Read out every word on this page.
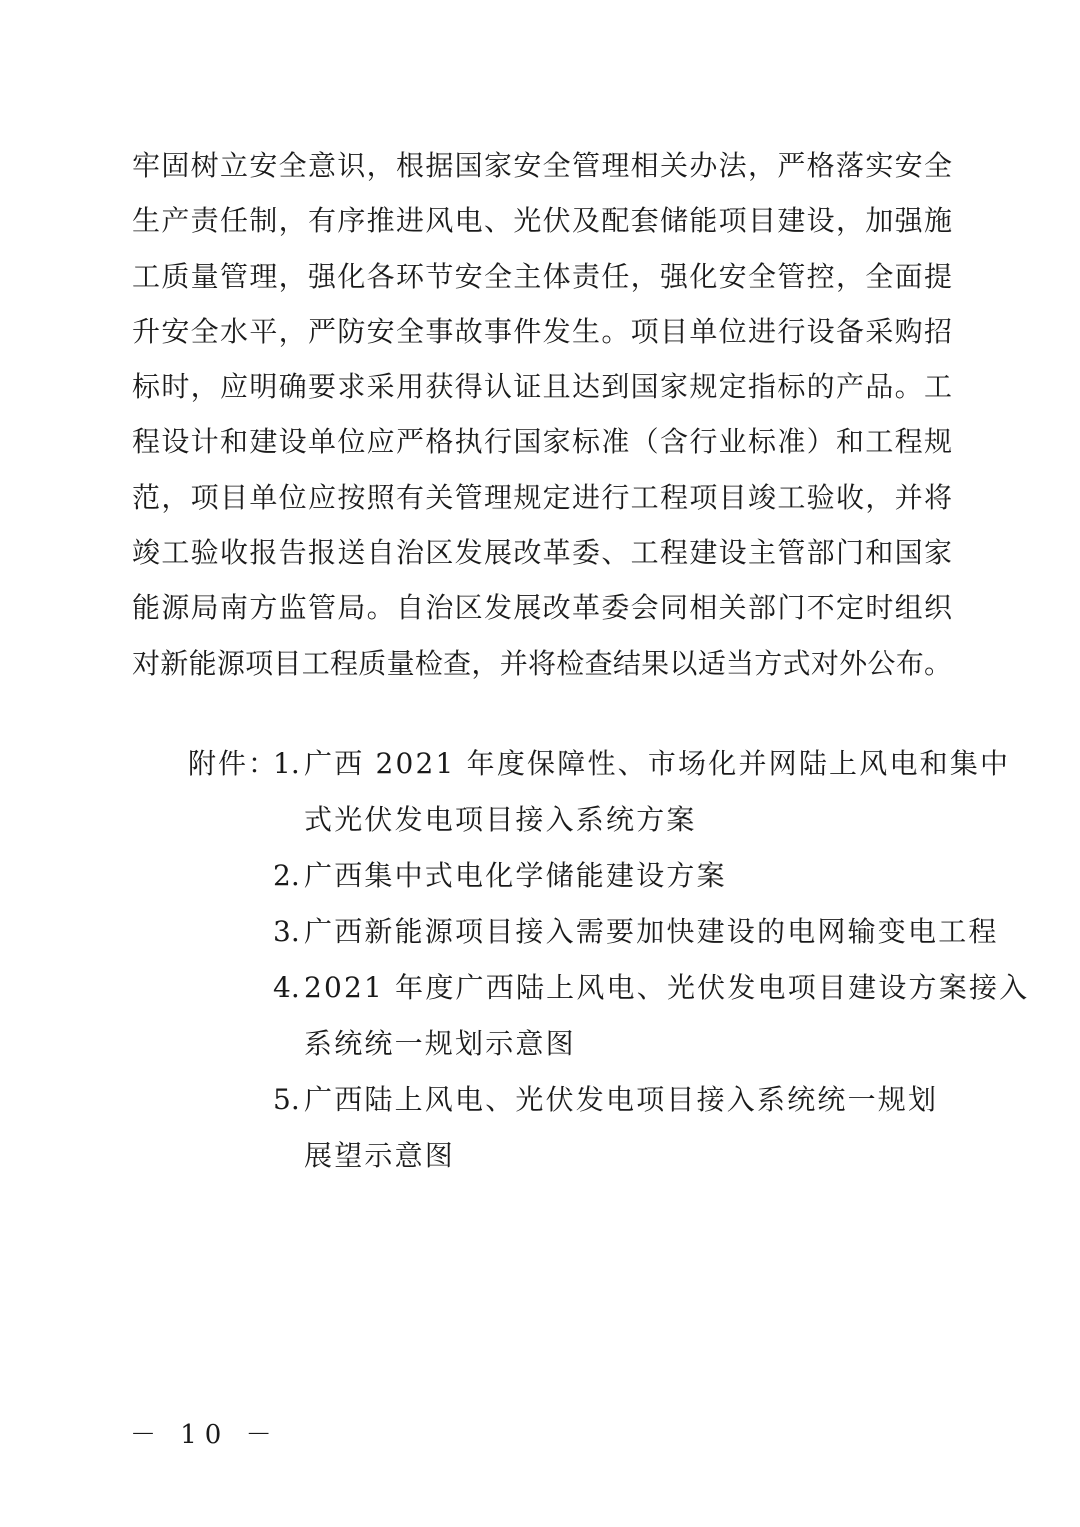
牢固树立安全意识，根据国家安全管理相关办法，严格落实安全
生产责任制，有序推进风电、光伏及配套储能项目建设，加强施
工质量管理，强化各环节安全主体责任，强化安全管控，全面提
升安全水平，严防安全事故事件发生。项目单位进行设备采购招
标时，应明确要求采用获得认证且达到国家规定指标的产品。工
程设计和建设单位应严格执行国家标准（含行业标准）和工程规
范，项目单位应按照有关管理规定进行工程项目竣工验收，并将
竣工验收报告报送自治区发展改革委、工程建设主管部门和国家
能源局南方监管局。自治区发展改革委会同相关部门不定时组织
对新能源项目工程质量检查，并将检查结果以适当方式对外公布。
附件：
1. 广西 2021 年度保障性、市场化并网陆上风电和集中
式光伏发电项目接入系统方案
2. 广西集中式电化学储能建设方案
3. 广西新能源项目接入需要加快建设的电网输变电工程
4. 2021 年度广西陆上风电、光伏发电项目建设方案接入
系统统一规划示意图
5. 广西陆上风电、光伏发电项目接入系统统一规划
展望示意图
－ 10 －
